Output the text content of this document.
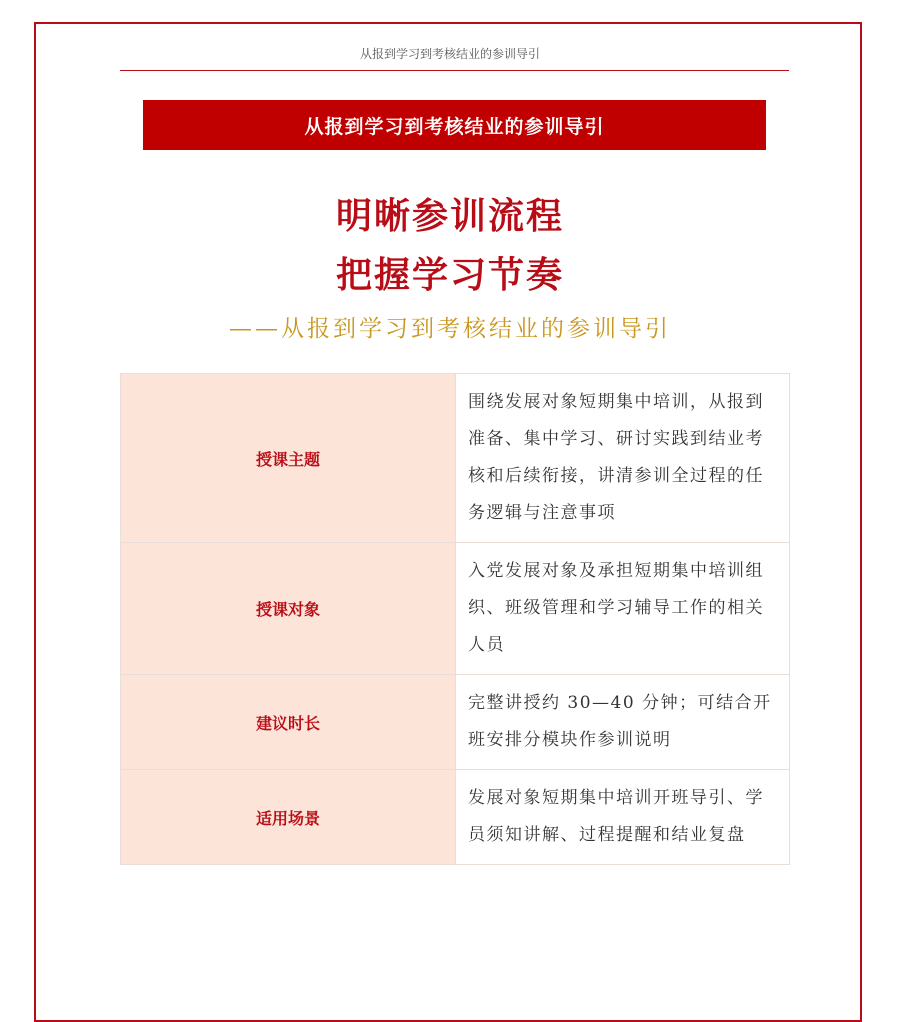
从报到学习到考核结业的参训导引
从报到学习到考核结业的参训导引
明晰参训流程
把握学习节奏
——从报到学习到考核结业的参训导引
授课主题	围绕发展对象短期集中培训，从报到准备、集中学习、研讨实践到结业考核和后续衔接，讲清参训全过程的任务逻辑与注意事项
授课对象	入党发展对象及承担短期集中培训组织、班级管理和学习辅导工作的相关人员
建议时长	完整讲授约 30—40 分钟；可结合开班安排分模块作参训说明
适用场景	发展对象短期集中培训开班导引、学员须知讲解、过程提醒和结业复盘
